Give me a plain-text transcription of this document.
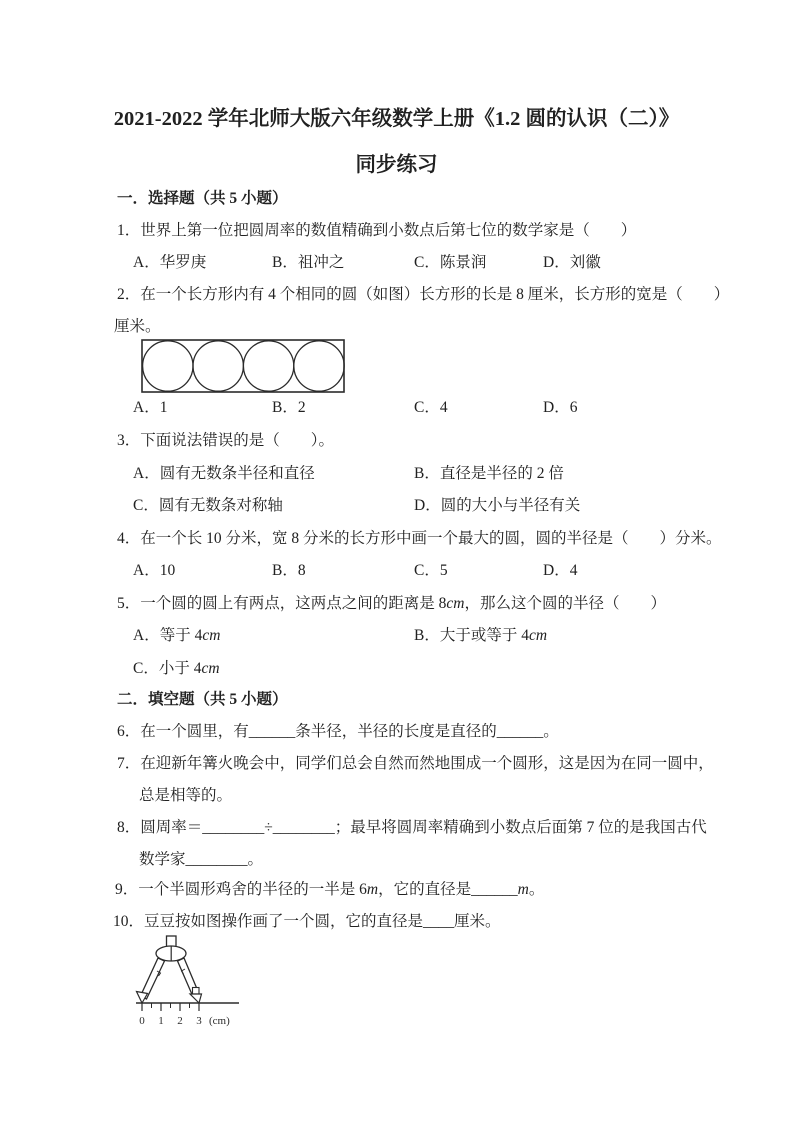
2021-2022 学年北师大版六年级数学上册《1.2 圆的认识（二）》
同步练习
一．选择题（共 5 小题）
1．世界上第一位把圆周率的数值精确到小数点后第七位的数学家是（　　）
A．华罗庚	B．祖冲之	C．陈景润	D．刘徽
2．在一个长方形内有 4 个相同的圆（如图）长方形的长是 8 厘米，长方形的宽是（　　）
厘米。
A．1	B．2	C．4	D．6
3．下面说法错误的是（　　）。
A．圆有无数条半径和直径	B．直径是半径的 2 倍
C．圆有无数条对称轴	D．圆的大小与半径有关
4．在一个长 10 分米，宽 8 分米的长方形中画一个最大的圆，圆的半径是（　　）分米。
A．10	B．8	C．5	D．4
5．一个圆的圆上有两点，这两点之间的距离是 8cm，那么这个圆的半径（　　）
A．等于 4cm	B．大于或等于 4cm
C．小于 4cm
二．填空题（共 5 小题）
6．在一个圆里，有______条半径，半径的长度是直径的______。
7．在迎新年篝火晚会中，同学们总会自然而然地围成一个圆形，这是因为在同一圆中，
总是相等的。
8．圆周率＝________÷________；最早将圆周率精确到小数点后面第 7 位的是我国古代
数学家________。
9．一个半圆形鸡舍的半径的一半是 6m，它的直径是______m。
10．豆豆按如图操作画了一个圆，它的直径是____厘米。
0 1 2 3 (cm)
